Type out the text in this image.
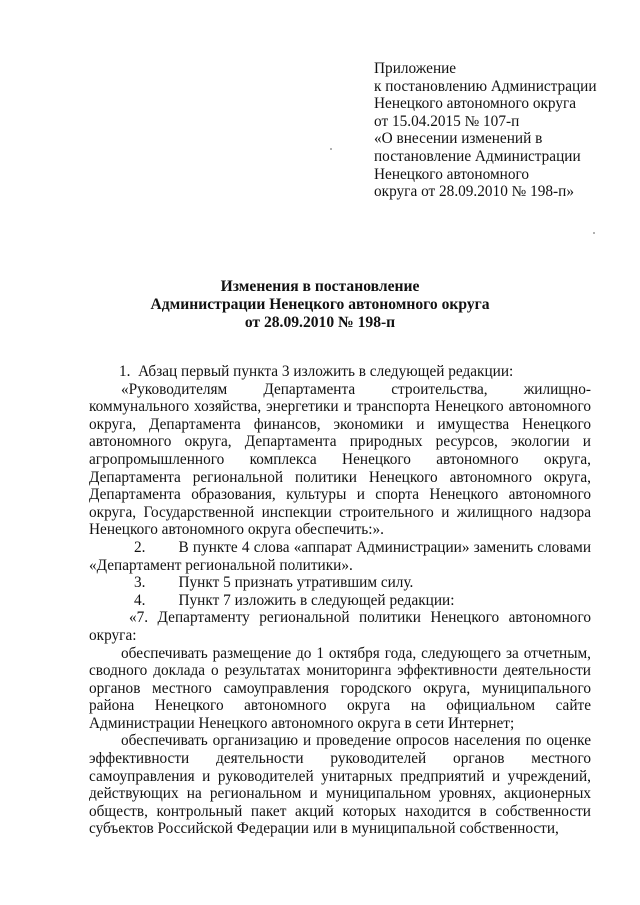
Приложение
к постановлению Администрации
Ненецкого автономного округа
от 15.04.2015 № 107-п
«О внесении изменений в
постановление Администрации
Ненецкого автономного
округа от 28.09.2010 № 198-п»
Изменения в постановление
Администрации Ненецкого автономного округа
от 28.09.2010 № 198-п

1. Абзац первый пункта 3 изложить в следующей редакции:

«Руководителям Департамента строительства, жилищно-коммунального хозяйства, энергетики и транспорта Ненецкого автономного округа, Департамента финансов, экономики и имущества Ненецкого автономного округа, Департамента природных ресурсов, экологии и агропромышленного комплекса Ненецкого автономного округа, Департамента региональной политики Ненецкого автономного округа, Департамента образования, культуры и спорта Ненецкого автономного округа, Государственной инспекции строительного и жилищного надзора Ненецкого автономного округа обеспечить:».

2. В пункте 4 слова «аппарат Администрации» заменить словами «Департамент региональной политики».

3. Пункт 5 признать утратившим силу.

4. Пункт 7 изложить в следующей редакции:

«7. Департаменту региональной политики Ненецкого автономного округа:

обеспечивать размещение до 1 октября года, следующего за отчетным, сводного доклада о результатах мониторинга эффективности деятельности органов местного самоуправления городского округа, муниципального района Ненецкого автономного округа на официальном сайте Администрации Ненецкого автономного округа в сети Интернет;

обеспечивать организацию и проведение опросов населения по оценке эффективности деятельности руководителей органов местного самоуправления и руководителей унитарных предприятий и учреждений, действующих на региональном и муниципальном уровнях, акционерных обществ, контрольный пакет акций которых находится в собственности субъектов Российской Федерации или в муниципальной собственности,
